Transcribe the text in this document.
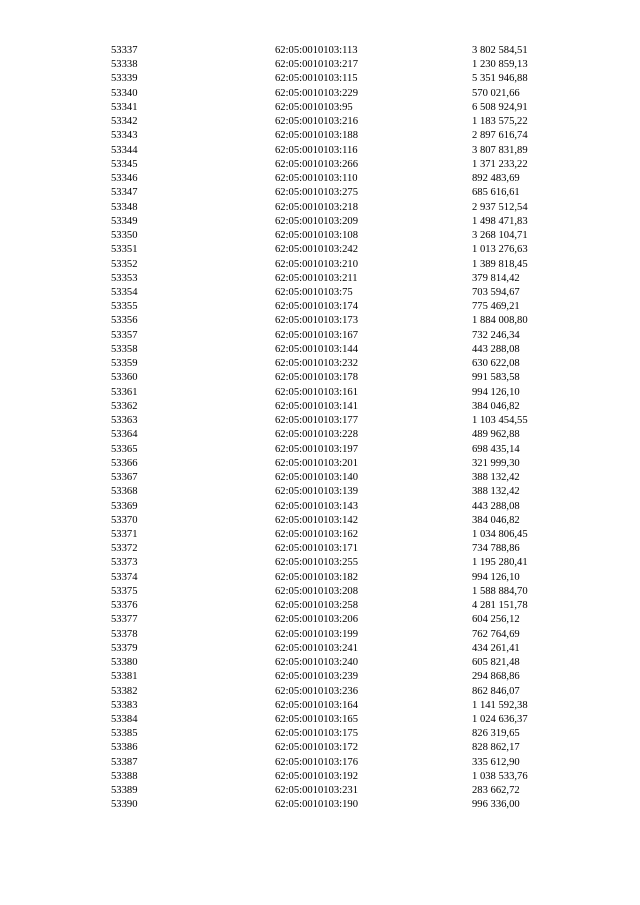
53337	62:05:0010103:113	3 802 584,51
53338	62:05:0010103:217	1 230 859,13
53339	62:05:0010103:115	5 351 946,88
53340	62:05:0010103:229	570 021,66
53341	62:05:0010103:95	6 508 924,91
53342	62:05:0010103:216	1 183 575,22
53343	62:05:0010103:188	2 897 616,74
53344	62:05:0010103:116	3 807 831,89
53345	62:05:0010103:266	1 371 233,22
53346	62:05:0010103:110	892 483,69
53347	62:05:0010103:275	685 616,61
53348	62:05:0010103:218	2 937 512,54
53349	62:05:0010103:209	1 498 471,83
53350	62:05:0010103:108	3 268 104,71
53351	62:05:0010103:242	1 013 276,63
53352	62:05:0010103:210	1 389 818,45
53353	62:05:0010103:211	379 814,42
53354	62:05:0010103:75	703 594,67
53355	62:05:0010103:174	775 469,21
53356	62:05:0010103:173	1 884 008,80
53357	62:05:0010103:167	732 246,34
53358	62:05:0010103:144	443 288,08
53359	62:05:0010103:232	630 622,08
53360	62:05:0010103:178	991 583,58
53361	62:05:0010103:161	994 126,10
53362	62:05:0010103:141	384 046,82
53363	62:05:0010103:177	1 103 454,55
53364	62:05:0010103:228	489 962,88
53365	62:05:0010103:197	698 435,14
53366	62:05:0010103:201	321 999,30
53367	62:05:0010103:140	388 132,42
53368	62:05:0010103:139	388 132,42
53369	62:05:0010103:143	443 288,08
53370	62:05:0010103:142	384 046,82
53371	62:05:0010103:162	1 034 806,45
53372	62:05:0010103:171	734 788,86
53373	62:05:0010103:255	1 195 280,41
53374	62:05:0010103:182	994 126,10
53375	62:05:0010103:208	1 588 884,70
53376	62:05:0010103:258	4 281 151,78
53377	62:05:0010103:206	604 256,12
53378	62:05:0010103:199	762 764,69
53379	62:05:0010103:241	434 261,41
53380	62:05:0010103:240	605 821,48
53381	62:05:0010103:239	294 868,86
53382	62:05:0010103:236	862 846,07
53383	62:05:0010103:164	1 141 592,38
53384	62:05:0010103:165	1 024 636,37
53385	62:05:0010103:175	826 319,65
53386	62:05:0010103:172	828 862,17
53387	62:05:0010103:176	335 612,90
53388	62:05:0010103:192	1 038 533,76
53389	62:05:0010103:231	283 662,72
53390	62:05:0010103:190	996 336,00
